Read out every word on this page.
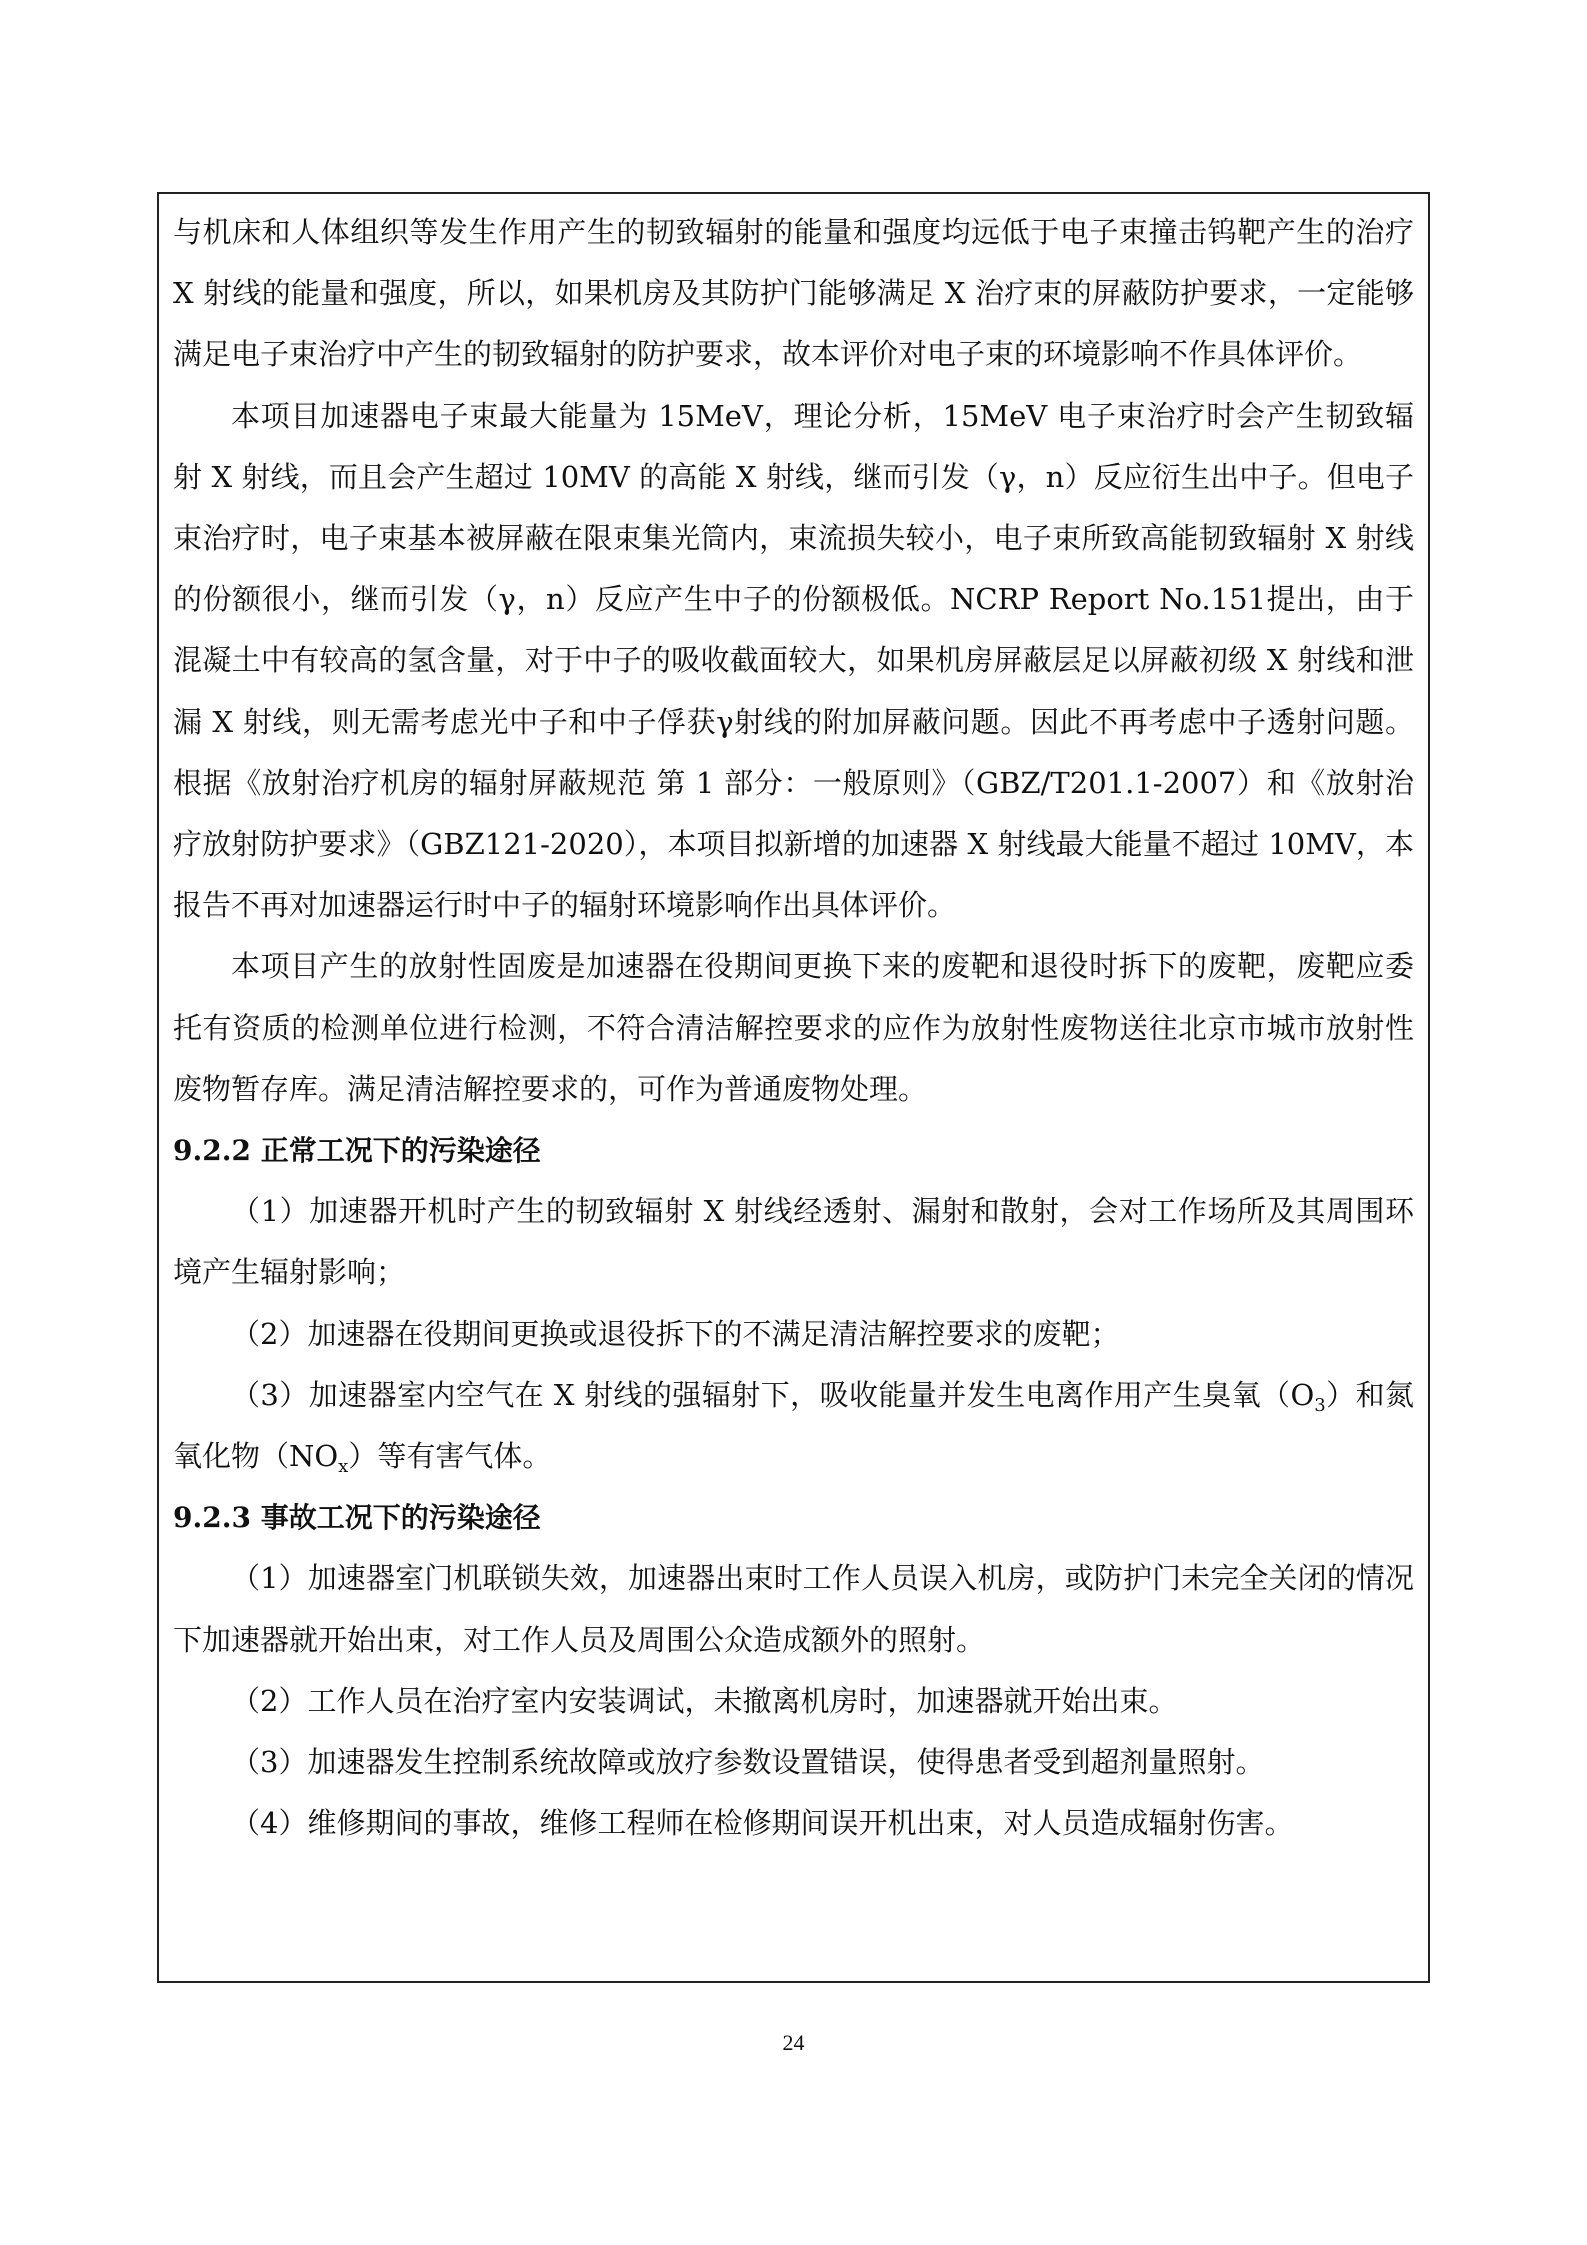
与机床和人体组织等发生作用产生的韧致辐射的能量和强度均远低于电子束撞击钨靶产生的治疗 X 射线的能量和强度，所以，如果机房及其防护门能够满足 X 治疗束的屏蔽防护要求，一定能够满足电子束治疗中产生的韧致辐射的防护要求，故本评价对电子束的环境影响不作具体评价。

本项目加速器电子束最大能量为 15MeV，理论分析，15MeV 电子束治疗时会产生韧致辐射 X 射线，而且会产生超过 10MV 的高能 X 射线，继而引发（γ，n）反应衍生出中子。但电子束治疗时，电子束基本被屏蔽在限束集光筒内，束流损失较小，电子束所致高能韧致辐射 X 射线的份额很小，继而引发（γ，n）反应产生中子的份额极低。NCRP Report No.151提出，由于混凝土中有较高的氢含量，对于中子的吸收截面较大，如果机房屏蔽层足以屏蔽初级 X 射线和泄漏 X 射线，则无需考虑光中子和中子俘获γ射线的附加屏蔽问题。因此不再考虑中子透射问题。根据《放射治疗机房的辐射屏蔽规范 第 1 部分：一般原则》（GBZ/T201.1-2007）和《放射治疗放射防护要求》（GBZ121-2020），本项目拟新增的加速器 X 射线最大能量不超过 10MV，本报告不再对加速器运行时中子的辐射环境影响作出具体评价。

本项目产生的放射性固废是加速器在役期间更换下来的废靶和退役时拆下的废靶，废靶应委托有资质的检测单位进行检测，不符合清洁解控要求的应作为放射性废物送往北京市城市放射性废物暂存库。满足清洁解控要求的，可作为普通废物处理。

9.2.2 正常工况下的污染途径

（1）加速器开机时产生的韧致辐射 X 射线经透射、漏射和散射，会对工作场所及其周围环境产生辐射影响；

（2）加速器在役期间更换或退役拆下的不满足清洁解控要求的废靶；

（3）加速器室内空气在 X 射线的强辐射下，吸收能量并发生电离作用产生臭氧$(O_3)$和氮氧化物$(NO_x)$等有害气体。

9.2.3 事故工况下的污染途径

（1）加速器室门机联锁失效，加速器出束时工作人员误入机房，或防护门未完全关闭的情况下加速器就开始出束，对工作人员及周围公众造成额外的照射。

（2）工作人员在治疗室内安装调试，未撤离机房时，加速器就开始出束。

（3）加速器发生控制系统故障或放疗参数设置错误，使得患者受到超剂量照射。

（4）维修期间的事故，维修工程师在检修期间误开机出束，对人员造成辐射伤害。

24
